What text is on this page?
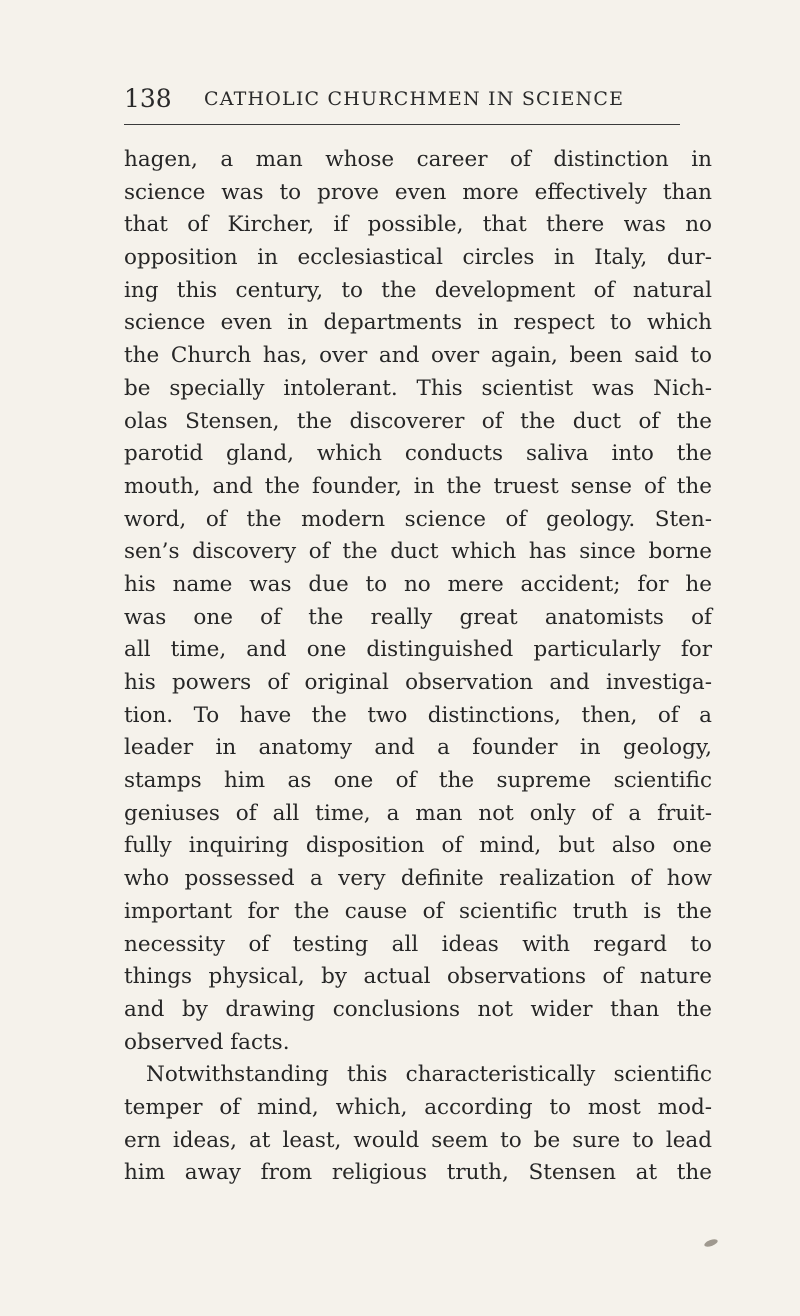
138 CATHOLIC CHURCHMEN IN SCIENCE
hagen, a man whose career of distinction in
science was to prove even more effectively than
that of Kircher, if possible, that there was no
opposition in ecclesiastical circles in Italy, dur-
ing this century, to the development of natural
science even in departments in respect to which
the Church has, over and over again, been said to
be specially intolerant. This scientist was Nich-
olas Stensen, the discoverer of the duct of the
parotid gland, which conducts saliva into the
mouth, and the founder, in the truest sense of the
word, of the modern science of geology. Sten-
sen’s discovery of the duct which has since borne
his name was due to no mere accident; for he
was one of the really great anatomists of
all time, and one distinguished particularly for
his powers of original observation and investiga-
tion. To have the two distinctions, then, of a
leader in anatomy and a founder in geology,
stamps him as one of the supreme scientific
geniuses of all time, a man not only of a fruit-
fully inquiring disposition of mind, but also one
who possessed a very definite realization of how
important for the cause of scientific truth is the
necessity of testing all ideas with regard to
things physical, by actual observations of nature
and by drawing conclusions not wider than the
observed facts.
Notwithstanding this characteristically scientific
temper of mind, which, according to most mod-
ern ideas, at least, would seem to be sure to lead
him away from religious truth, Stensen at the
